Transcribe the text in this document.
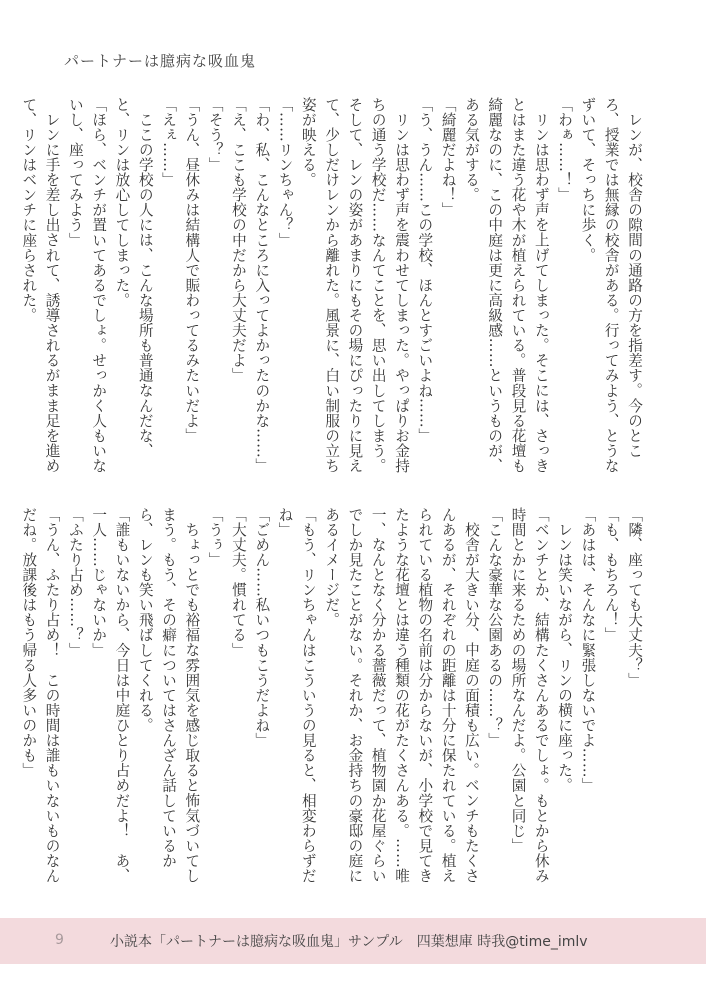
パートナーは臆病な吸血鬼

レンが、校舎の隙間の通路の方を指差す。今のところ、授業では無縁の校舎がある。行ってみよう、とうなずいて、そっちに歩く。

「わぁ……！」

リンは思わず声を上げてしまった。そこには、さっきとはまた違う花や木が植えられている。普段見る花壇も綺麗なのに、この中庭は更に高級感……というものが、ある気がする。

「綺麗だよね！」

「う、うん……この学校、ほんとすごいよね……」

リンは思わず声を震わせてしまった。やっぱりお金持ちの通う学校だ……なんてことを、思い出してしまう。そして、レンの姿があまりにもその場にぴったりに見えて、少しだけレンから離れた。風景に、白い制服の立ち姿が映える。

「……リンちゃん？」

「わ、私、こんなところに入ってよかったのかな……」

「え、ここも学校の中だから大丈夫だよ」

「そう？」

「うん、昼休みは結構人で賑わってるみたいだよ」

「えぇ……」

ここの学校の人には、こんな場所も普通なんだな、と、リンは放心してしまった。

「ほら、ベンチが置いてあるでしょ。せっかく人もいないし、座ってみよう」

レンに手を差し出されて、誘導されるがまま足を進めて、リンはベンチに座らされた。

「隣、座っても大丈夫？」

「も、もちろん！」

「あはは、そんなに緊張しないでよ……」

レンは笑いながら、リンの横に座った。

「ベンチとか、結構たくさんあるでしょ。もとから休み時間とかに来るための場所なんだよ。公園と同じ」

「こんな豪華な公園あるの……？」

校舎が大きい分、中庭の面積も広い。ベンチもたくさんあるが、それぞれの距離は十分に保たれている。植えられている植物の名前は分からないが、小学校で見てきたような花壇とは違う種類の花がたくさんある。……唯一、なんとなく分かる薔薇だって、植物園か花屋ぐらいでしか見たことがない。それか、お金持ちの豪邸の庭にあるイメージだ。

「もう、リンちゃんはこういうの見ると、相変わらずだね」

「ごめん……私いつもこうだよね」

「大丈夫。慣れてる」

「うぅ」

ちょっとでも裕福な雰囲気を感じ取ると怖気づいてしまう。もう、その癖についてはさんざん話しているから、レンも笑い飛ばしてくれる。

「誰もいないから、今日は中庭ひとり占めだよ！　あ、一人……じゃないか」

「ふたり占め……？」

「うん、ふたり占め！　この時間は誰もいないものなんだね。放課後はもう帰る人多いのかも」

9	小説本「パートナーは臆病な吸血鬼」サンプル　四葉想庫 時我@time_imlv
